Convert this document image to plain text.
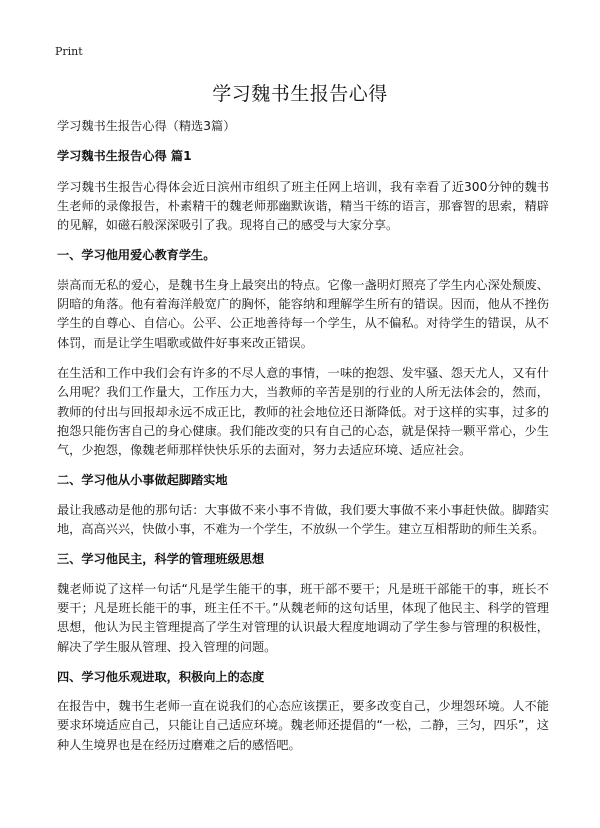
Print
学习魏书生报告心得

学习魏书生报告心得（精选3篇）

学习魏书生报告心得 篇1

学习魏书生报告心得体会近日滨州市组织了班主任网上培训，我有幸看了近300分钟的魏书生老师的录像报告，朴素精干的魏老师那幽默诙谐，精当干练的语言，那睿智的思索，精辟的见解，如磁石般深深吸引了我。现将自己的感受与大家分享。

一、学习他用爱心教育学生。

崇高而无私的爱心，是魏书生身上最突出的特点。它像一盏明灯照亮了学生内心深处颓废、阴暗的角落。他有着海洋般宽广的胸怀，能容纳和理解学生所有的错误。因而，他从不挫伤学生的自尊心、自信心。公平、公正地善待每一个学生，从不偏私。对待学生的错误，从不体罚，而是让学生唱歌或做件好事来改正错误。

在生活和工作中我们会有许多的不尽人意的事情，一味的抱怨、发牢骚、怨天尤人，又有什么用呢？我们工作量大，工作压力大，当教师的辛苦是别的行业的人所无法体会的，然而，教师的付出与回报却永远不成正比，教师的社会地位还日渐降低。对于这样的实事，过多的抱怨只能伤害自己的身心健康。我们能改变的只有自己的心态，就是保持一颗平常心，少生气，少抱怨，像魏老师那样快快乐乐的去面对，努力去适应环境、适应社会。

二、学习他从小事做起脚踏实地

最让我感动是他的那句话：大事做不来小事不肯做，我们要大事做不来小事赶快做。脚踏实地，高高兴兴，快做小事，不难为一个学生，不放纵一个学生。建立互相帮助的师生关系。

三、学习他民主，科学的管理班级思想

魏老师说了这样一句话“凡是学生能干的事，班干部不要干；凡是班干部能干的事，班长不要干；凡是班长能干的事，班主任不干。”从魏老师的这句话里，体现了他民主、科学的管理思想，他认为民主管理提高了学生对管理的认识最大程度地调动了学生参与管理的积极性，解决了学生服从管理、投入管理的问题。

四、学习他乐观进取，积极向上的态度

在报告中，魏书生老师一直在说我们的心态应该摆正，要多改变自己，少埋怨环境。人不能要求环境适应自己，只能让自己适应环境。魏老师还提倡的“一松，二静，三匀，四乐”，这种人生境界也是在经历过磨难之后的感悟吧。
